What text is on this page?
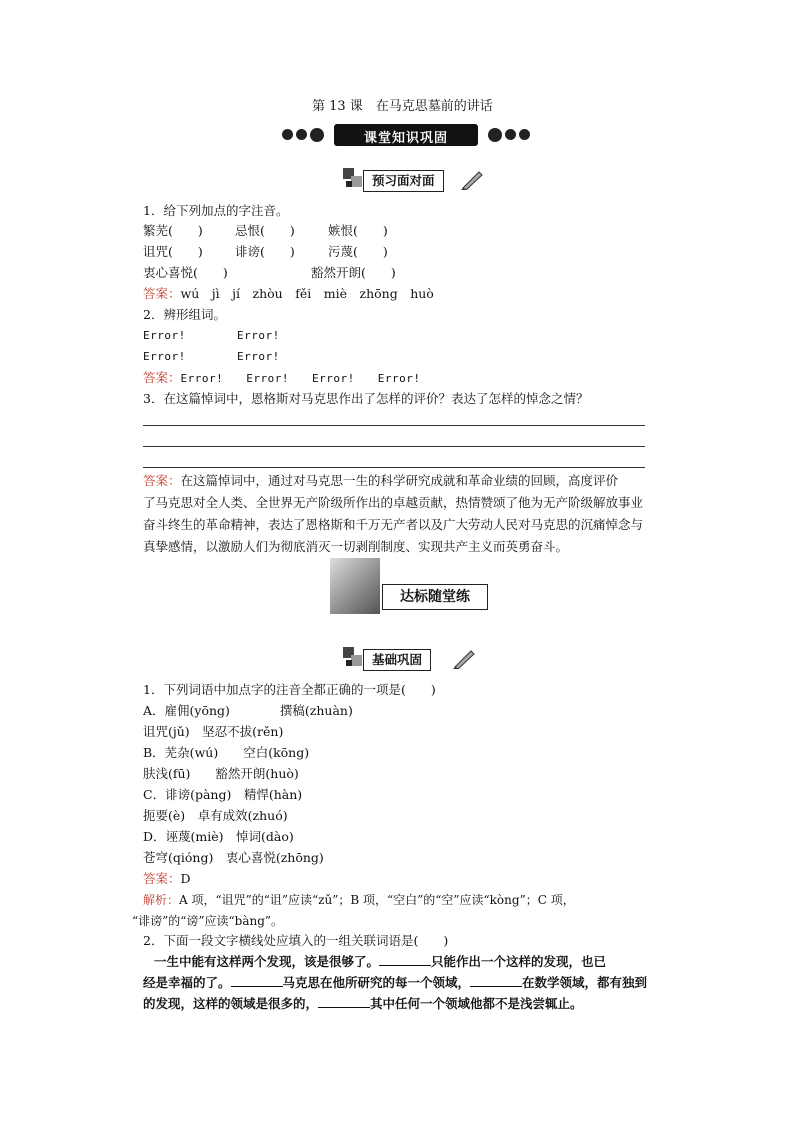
第 13 课　在马克思墓前的讲话
课堂知识巩固
预习面对面
1．给下列加点的字注音。
繁芜(　　)	忌恨(　　)	嫉恨(　　)
诅咒(　　)	诽谤(　　)	污蔑(　　)
衷心喜悦(　　)	豁然开朗(　　)
答案：wú　jì　jí　zhòu　fěi　miè　zhōng　huò
2．辨形组词。
Error!	Error!
Error!	Error!
答案：Error!　　Error!　　Error!　　Error!
3．在这篇悼词中，恩格斯对马克思作出了怎样的评价？表达了怎样的悼念之情？
答案：在这篇悼词中，通过对马克思一生的科学研究成就和革命业绩的回顾，高度评价
了马克思对全人类、全世界无产阶级所作出的卓越贡献，热情赞颂了他为无产阶级解放事业
奋斗终生的革命精神，表达了恩格斯和千万无产者以及广大劳动人民对马克思的沉痛悼念与
真挚感情，以激励人们为彻底消灭一切剥削制度、实现共产主义而英勇奋斗。
达标随堂练
基础巩固
1．下列词语中加点字的注音全都正确的一项是(　　)
A．雇佣(yōng)　　　　撰稿(zhuàn)
诅咒(jǔ)　坚忍不拔(rěn)
B．芜杂(wú)　　空白(kōng)
肤浅(fū)　　豁然开朗(huò)
C．诽谤(pàng)　精悍(hàn)
扼要(è)　卓有成效(zhuó)
D．诬蔑(miè)　悼词(dào)
苍穹(qióng)　衷心喜悦(zhōng)
答案：D
解析：A 项，“诅咒”的“诅”应读“zǔ”；B 项，“空白”的“空”应读“kòng”；C 项，
“诽谤”的“谤”应读“bàng”。
2．下面一段文字横线处应填入的一组关联词语是(　　)
一生中能有这样两个发现，该是很够了。	只能作出一个这样的发现，也已
经是幸福的了。	马克思在他所研究的每一个领域，	在数学领域，都有独到
的发现，这样的领域是很多的，	其中任何一个领域他都不是浅尝辄止。
